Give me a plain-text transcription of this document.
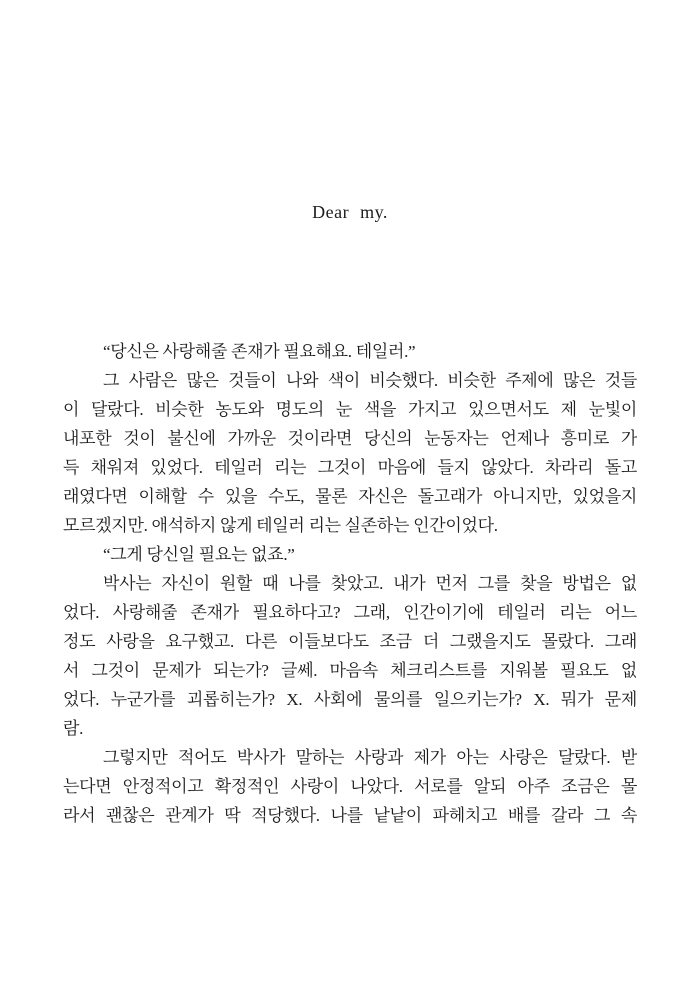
Dear my.
“당신은 사랑해줄 존재가 필요해요. 테일러.”
그 사람은 많은 것들이 나와 색이 비슷했다. 비슷한 주제에 많은 것들
이 달랐다. 비슷한 농도와 명도의 눈 색을 가지고 있으면서도 제 눈빛이
내포한 것이 불신에 가까운 것이라면 당신의 눈동자는 언제나 흥미로 가
득 채워져 있었다. 테일러 리는 그것이 마음에 들지 않았다. 차라리 돌고
래였다면 이해할 수 있을 수도, 물론 자신은 돌고래가 아니지만, 있었을지
모르겠지만. 애석하지 않게 테일러 리는 실존하는 인간이었다.
“그게 당신일 필요는 없죠.”
박사는 자신이 원할 때 나를 찾았고. 내가 먼저 그를 찾을 방법은 없
었다. 사랑해줄 존재가 필요하다고? 그래, 인간이기에 테일러 리는 어느
정도 사랑을 요구했고. 다른 이들보다도 조금 더 그랬을지도 몰랐다. 그래
서 그것이 문제가 되는가? 글쎄. 마음속 체크리스트를 지워볼 필요도 없
었다. 누군가를 괴롭히는가? X. 사회에 물의를 일으키는가? X. 뭐가 문제
람.
그렇지만 적어도 박사가 말하는 사랑과 제가 아는 사랑은 달랐다. 받
는다면 안정적이고 확정적인 사랑이 나았다. 서로를 알되 아주 조금은 몰
라서 괜찮은 관계가 딱 적당했다. 나를 낱낱이 파헤치고 배를 갈라 그 속
